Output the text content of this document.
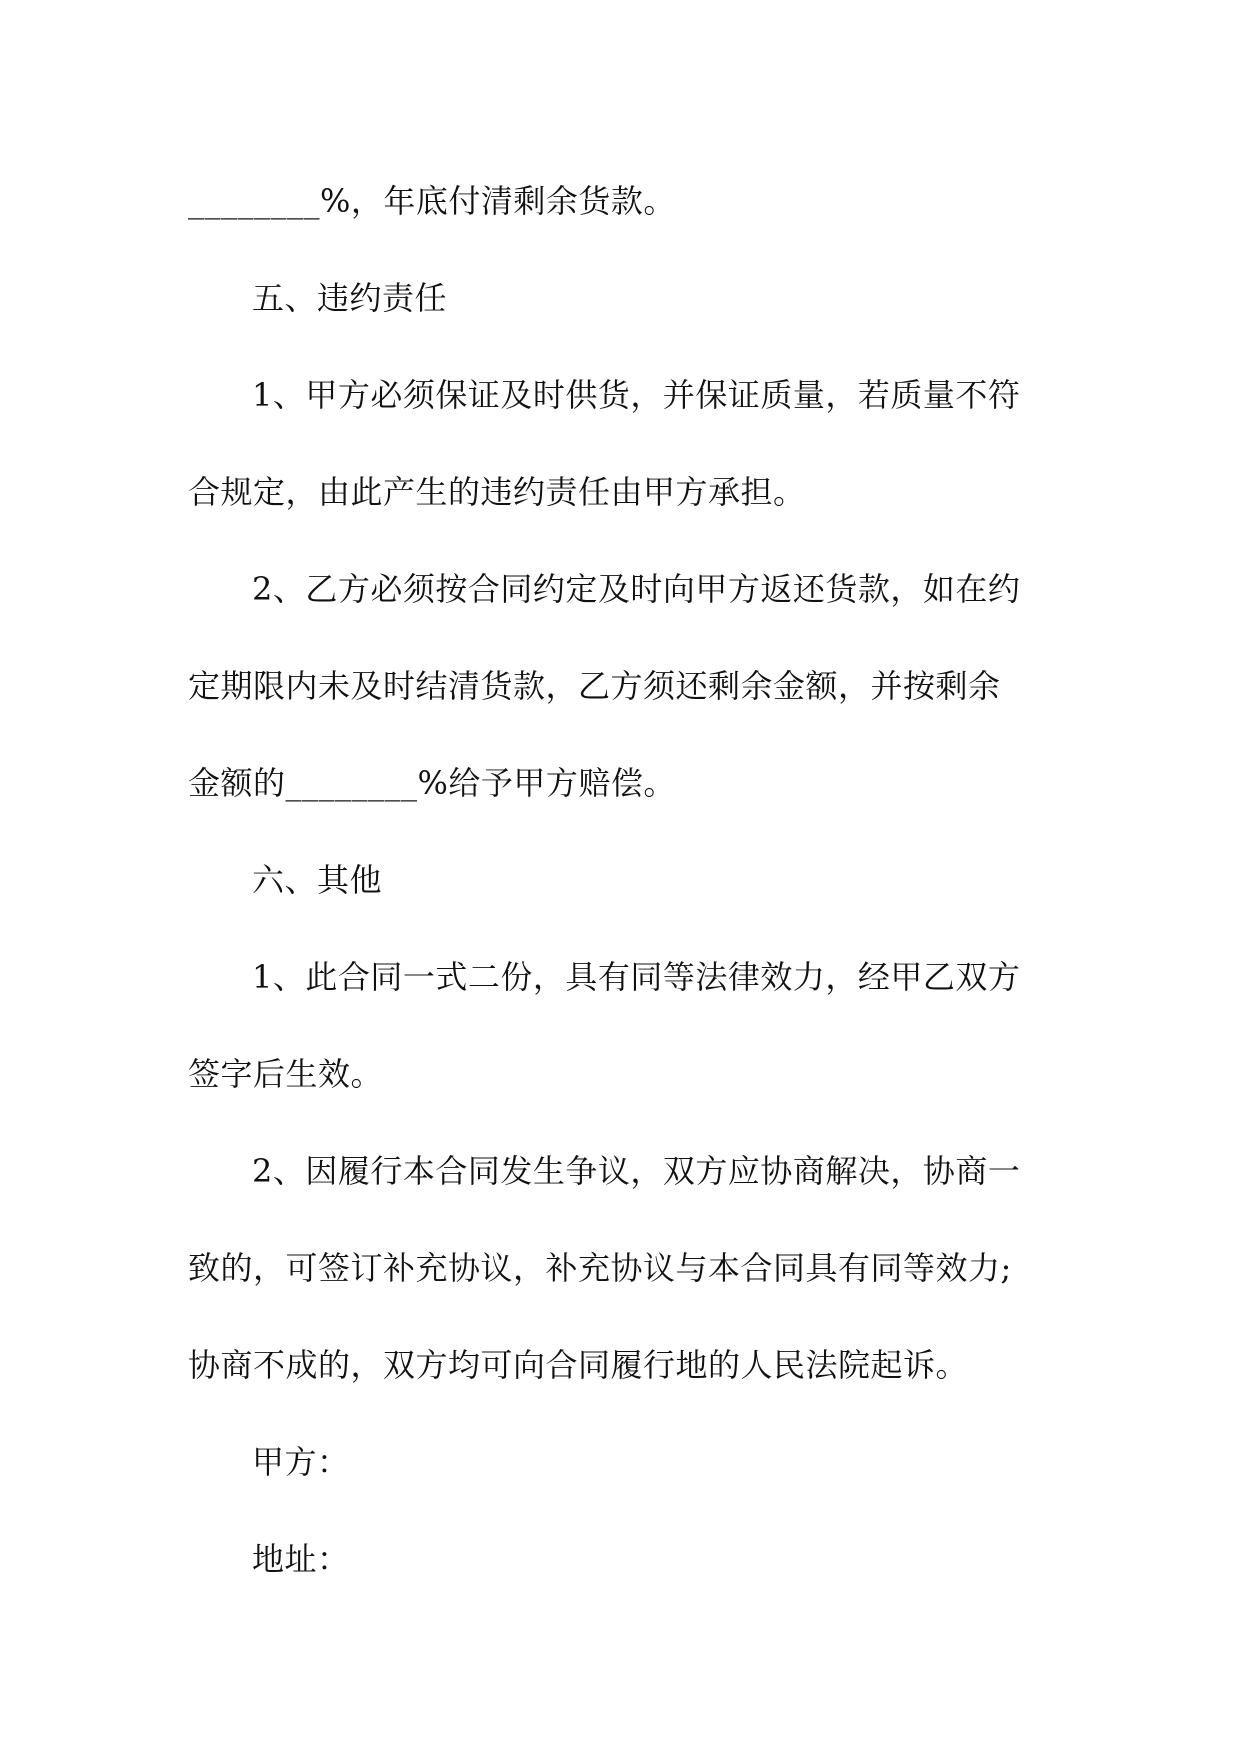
________%，年底付清剩余货款。

五、违约责任

1、甲方必须保证及时供货，并保证质量，若质量不符

合规定，由此产生的违约责任由甲方承担。

2、乙方必须按合同约定及时向甲方返还货款，如在约

定期限内未及时结清货款，乙方须还剩余金额，并按剩余

金额的________%给予甲方赔偿。

六、其他

1、此合同一式二份，具有同等法律效力，经甲乙双方

签字后生效。

2、因履行本合同发生争议，双方应协商解决，协商一

致的，可签订补充协议，补充协议与本合同具有同等效力;

协商不成的，双方均可向合同履行地的人民法院起诉。

甲方：

地址：
